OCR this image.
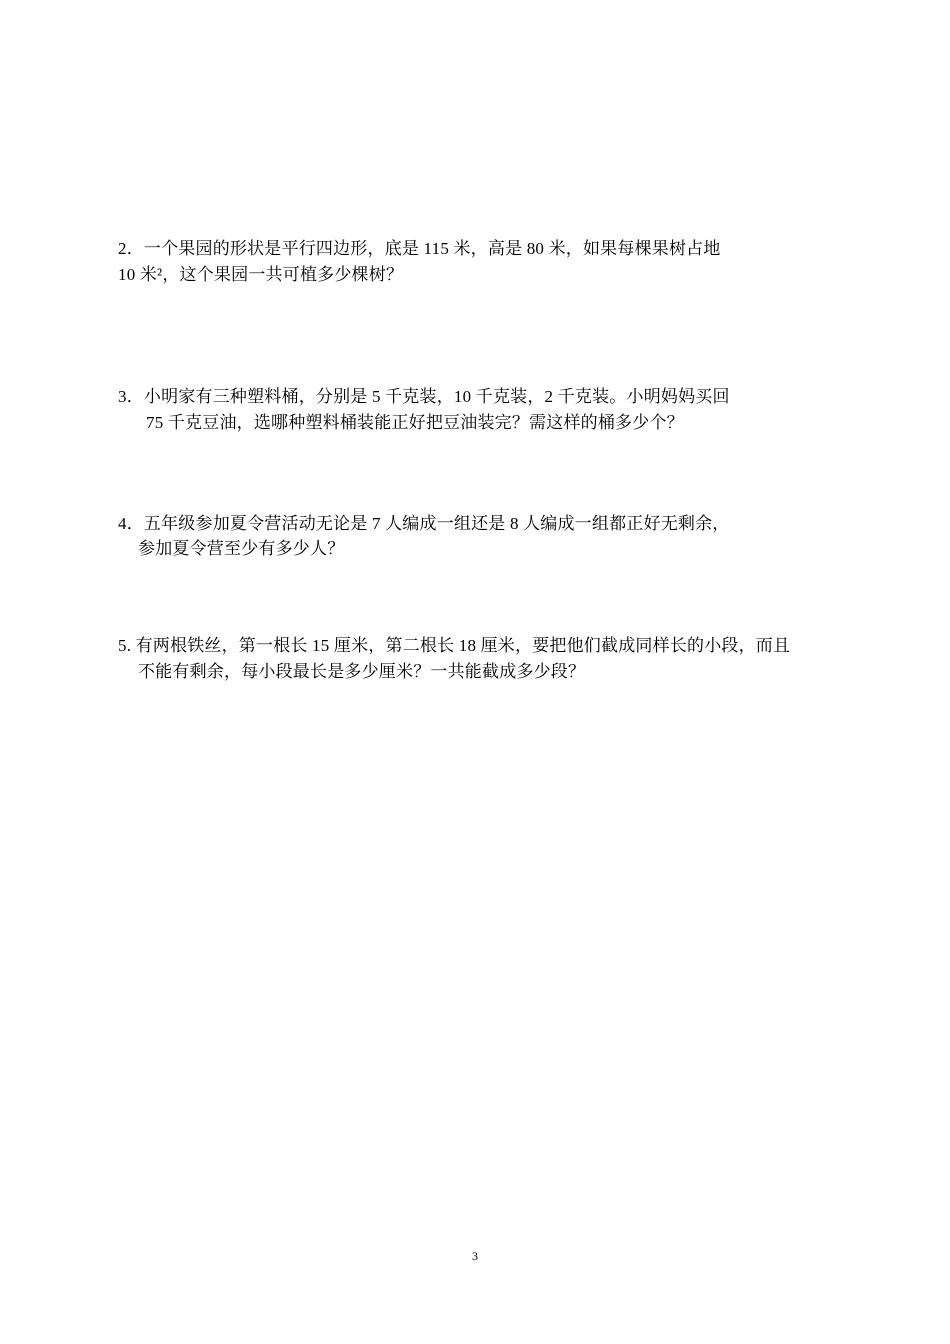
2．一个果园的形状是平行四边形，底是 115 米，高是 80 米，如果每棵果树占地
10 米²，这个果园一共可植多少棵树？
3．小明家有三种塑料桶，分别是 5 千克装，10 千克装，2 千克装。小明妈妈买回
75 千克豆油，选哪种塑料桶装能正好把豆油装完？需这样的桶多少个？
4．五年级参加夏令营活动无论是 7 人编成一组还是 8 人编成一组都正好无剩余，
参加夏令营至少有多少人？
5. 有两根铁丝，第一根长 15 厘米，第二根长 18 厘米，要把他们截成同样长的小段，而且
不能有剩余，每小段最长是多少厘米？一共能截成多少段？
3
